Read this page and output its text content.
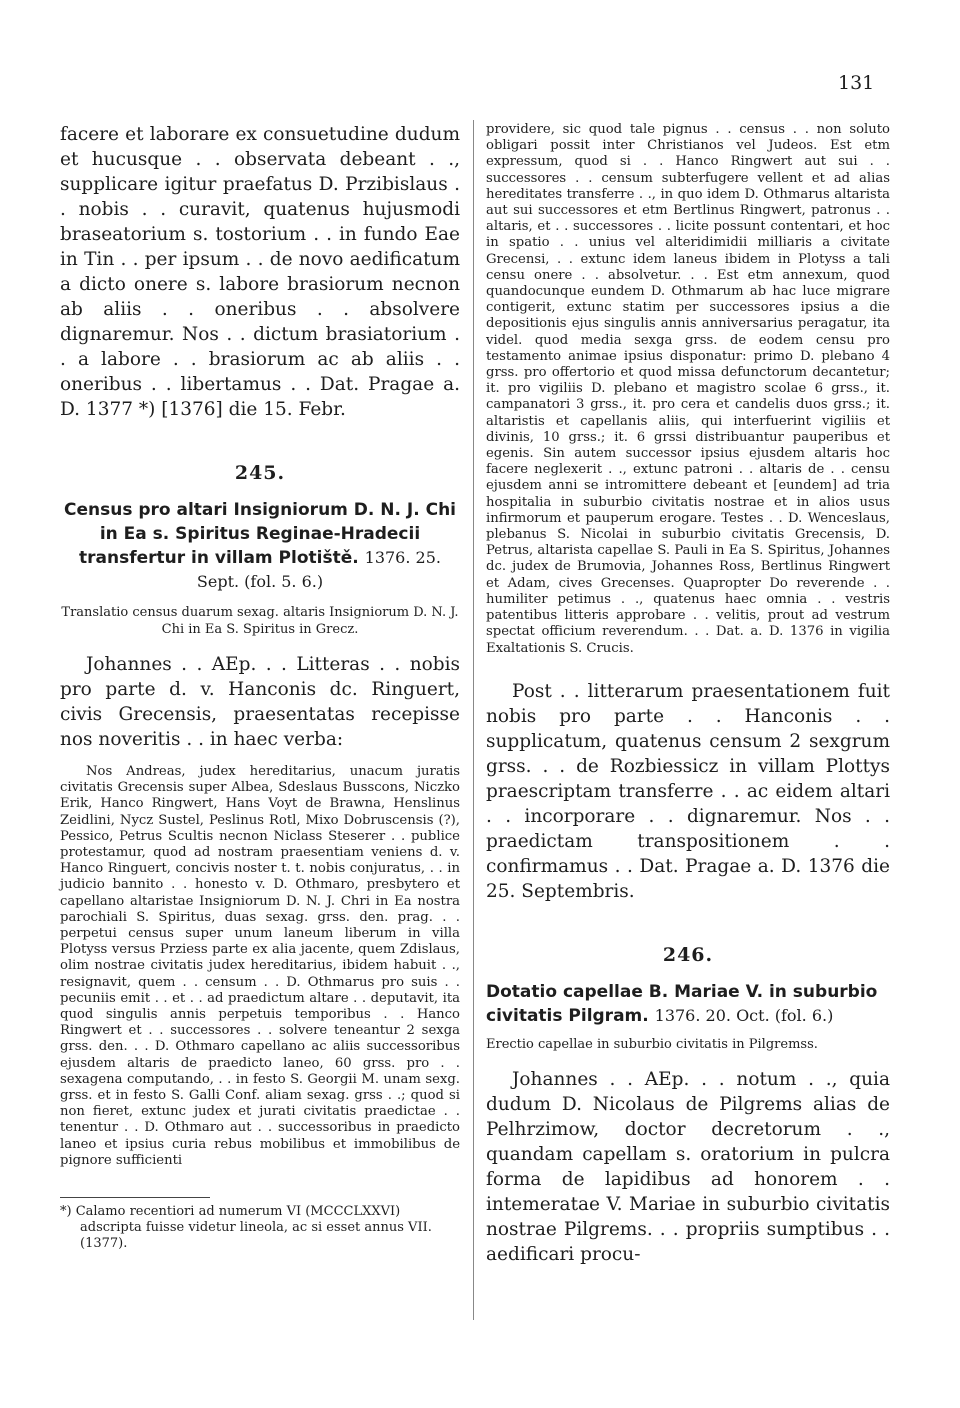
131

facere et laborare ex consuetudine dudum et hucusque . . observata debeant . ., supplicare igitur praefatus D. Przibislaus . . nobis . . curavit, quatenus hujusmodi braseatorium s. tostorium . . in fundo Eae in Tin . . per ipsum . . de novo aedificatum a dicto onere s. labore brasiorum necnon ab aliis . . oneribus . . absolvere dignaremur. Nos . . dictum brasiatorium . . a labore . . brasiorum ac ab aliis . . oneribus . . libertamus . . Dat. Pragae a. D. 1377 *) [1376] die 15. Febr.

245.

Census pro altari Insigniorum D. N. J. Chi in Ea s. Spiritus Reginae-Hradecii transfertur in villam Plotiště. 1376. 25. Sept. (fol. 5. 6.)

Translatio census duarum sexag. altaris Insigniorum D. N. J. Chi in Ea S. Spiritus in Grecz.

Johannes . . AEp. . . Litteras . . nobis pro parte d. v. Hanconis dc. Ringuert, civis Grecensis, praesentatas recepisse nos noveritis . . in haec verba:

Nos Andreas, judex hereditarius, unacum juratis civitatis Grecensis super Albea, Sdeslaus Busscons, Niczko Erik, Hanco Ringwert, Hans Voyt de Brawna, Henslinus Zeidlini, Nycz Sustel, Peslinus Rotl, Mixo Dobruscensis (?), Pessico, Petrus Scultis necnon Niclass Steserer . . publice protestamur, quod ad nostram praesentiam veniens d. v. Hanco Ringuert, concivis noster t. t. nobis conjuratus, . . in judicio bannito . . honesto v. D. Othmaro, presbytero et capellano altaristae Insigniorum D. N. J. Chri in Ea nostra parochiali S. Spiritus, duas sexag. grss. den. prag. . . perpetui census super unum laneum liberum in villa Plotyss versus Prziess parte ex alia jacente, quem Zdislaus, olim nostrae civitatis judex hereditarius, ibidem habuit . ., resignavit, quem . . censum . . D. Othmarus pro suis . . pecuniis emit . . et . . ad praedictum altare . . deputavit, ita quod singulis annis perpetuis temporibus . . Hanco Ringwert et . . successores . . solvere teneantur 2 sexga grss. den. . . D. Othmaro capellano ac aliis successoribus ejusdem altaris de praedicto laneo, 60 grss. pro . . sexagena computando, . . in festo S. Georgii M. unam sexg. grss. et in festo S. Galli Conf. aliam sexag. grss . .; quod si non fieret, extunc judex et jurati civitatis praedictae . . tenentur . . D. Othmaro aut . . successoribus in praedicto laneo et ipsius curia rebus mobilibus et immobilibus de pignore sufficienti

*) Calamo recentiori ad numerum VI (MCCCLXXVI) adscripta fuisse videtur lineola, ac si esset annus VII. (1377).

providere, sic quod tale pignus . . census . . non soluto obligari possit inter Christianos vel Judeos. Est etm expressum, quod si . . Hanco Ringwert aut sui . . successores . . censum subterfugere vellent et ad alias hereditates transferre . ., in quo idem D. Othmarus altarista aut sui successores et etm Bertlinus Ringwert, patronus . . altaris, et . . successores . . licite possunt contentari, et hoc in spatio . . unius vel alteridimidii milliaris a civitate Grecensi, . . extunc idem laneus ibidem in Plotyss a tali censu onere . . absolvetur. . . Est etm annexum, quod quandocunque eundem D. Othmarum ab hac luce migrare contigerit, extunc statim per successores ipsius a die depositionis ejus singulis annis anniversarius peragatur, ita videl. quod media sexga grss. de eodem censu pro testamento animae ipsius disponatur: primo D. plebano 4 grss. pro offertorio et quod missa defunctorum decantetur; it. pro vigiliis D. plebano et magistro scolae 6 grss., it. campanatori 3 grss., it. pro cera et candelis duos grss.; it. altaristis et capellanis aliis, qui interfuerint vigiliis et divinis, 10 grss.; it. 6 grssi distribuantur pauperibus et egenis. Sin autem successor ipsius ejusdem altaris hoc facere neglexerit . ., extunc patroni . . altaris de . . censu ejusdem anni se intromittere debeant et [eundem] ad tria hospitalia in suburbio civitatis nostrae et in alios usus infirmorum et pauperum erogare. Testes . . D. Wenceslaus, plebanus S. Nicolai in suburbio civitatis Grecensis, D. Petrus, altarista capellae S. Pauli in Ea S. Spiritus, Johannes dc. judex de Brumovia, Johannes Ross, Bertlinus Ringwert et Adam, cives Grecenses. Quapropter Do reverende . . humiliter petimus . ., quatenus haec omnia . . vestris patentibus litteris approbare . . velitis, prout ad vestrum spectat officium reverendum. . . Dat. a. D. 1376 in vigilia Exaltationis S. Crucis.

Post . . litterarum praesentationem fuit nobis pro parte . . Hanconis . . supplicatum, quatenus censum 2 sexgrum grss. . . de Rozbiessicz in villam Plottys praescriptam transferre . . ac eidem altari . . incorporare . . dignaremur. Nos . . praedictam transpositionem . . confirmamus . . Dat. Pragae a. D. 1376 die 25. Septembris.

246.

Dotatio capellae B. Mariae V. in suburbio civitatis Pilgram. 1376. 20. Oct. (fol. 6.)

Erectio capellae in suburbio civitatis in Pilgremss.

Johannes . . AEp. . . notum . ., quia dudum D. Nicolaus de Pilgrems alias de Pelhrzimow, doctor decretorum . ., quandam capellam s. oratorium in pulcra forma de lapidibus ad honorem . . intemeratae V. Mariae in suburbio civitatis nostrae Pilgrems. . . propriis sumptibus . . aedificari procu-
